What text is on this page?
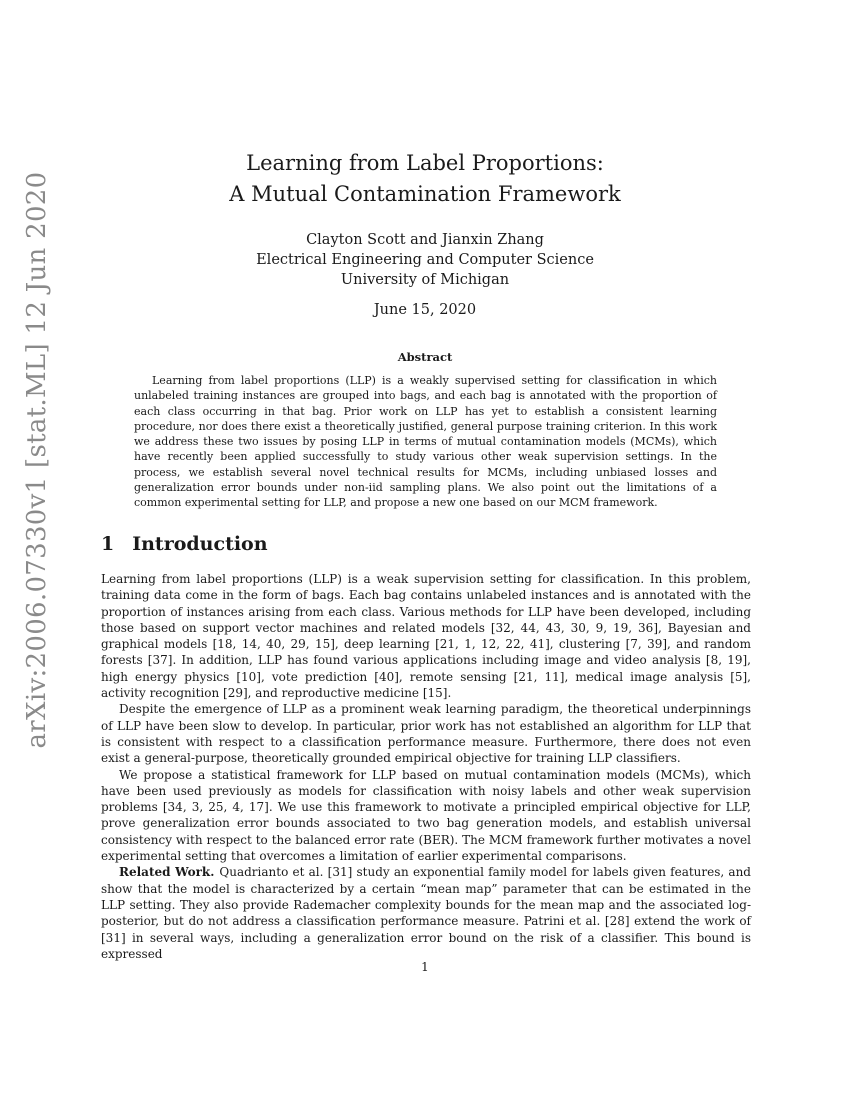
arXiv:2006.07330v1 [stat.ML] 12 Jun 2020
Learning from Label Proportions:
A Mutual Contamination Framework
Clayton Scott and Jianxin Zhang
Electrical Engineering and Computer Science
University of Michigan
June 15, 2020
Abstract
Learning from label proportions (LLP) is a weakly supervised setting for classification in which unlabeled training instances are grouped into bags, and each bag is annotated with the proportion of each class occurring in that bag. Prior work on LLP has yet to establish a consistent learning procedure, nor does there exist a theoretically justified, general purpose training criterion. In this work we address these two issues by posing LLP in terms of mutual contamination models (MCMs), which have recently been applied successfully to study various other weak supervision settings. In the process, we establish several novel technical results for MCMs, including unbiased losses and generalization error bounds under non-iid sampling plans. We also point out the limitations of a common experimental setting for LLP, and propose a new one based on our MCM framework.
1 Introduction

Learning from label proportions (LLP) is a weak supervision setting for classification. In this problem, training data come in the form of bags. Each bag contains unlabeled instances and is annotated with the proportion of instances arising from each class. Various methods for LLP have been developed, including those based on support vector machines and related models [32, 44, 43, 30, 9, 19, 36], Bayesian and graphical models [18, 14, 40, 29, 15], deep learning [21, 1, 12, 22, 41], clustering [7, 39], and random forests [37]. In addition, LLP has found various applications including image and video analysis [8, 19], high energy physics [10], vote prediction [40], remote sensing [21, 11], medical image analysis [5], activity recognition [29], and reproductive medicine [15].

Despite the emergence of LLP as a prominent weak learning paradigm, the theoretical underpinnings of LLP have been slow to develop. In particular, prior work has not established an algorithm for LLP that is consistent with respect to a classification performance measure. Furthermore, there does not even exist a general-purpose, theoretically grounded empirical objective for training LLP classifiers.

We propose a statistical framework for LLP based on mutual contamination models (MCMs), which have been used previously as models for classification with noisy labels and other weak supervision problems [34, 3, 25, 4, 17]. We use this framework to motivate a principled empirical objective for LLP, prove generalization error bounds associated to two bag generation models, and establish universal consistency with respect to the balanced error rate (BER). The MCM framework further motivates a novel experimental setting that overcomes a limitation of earlier experimental comparisons.

Related Work. Quadrianto et al. [31] study an exponential family model for labels given features, and show that the model is characterized by a certain “mean map” parameter that can be estimated in the LLP setting. They also provide Rademacher complexity bounds for the mean map and the associated log-posterior, but do not address a classification performance measure. Patrini et al. [28] extend the work of [31] in several ways, including a generalization error bound on the risk of a classifier. This bound is expressed

1
